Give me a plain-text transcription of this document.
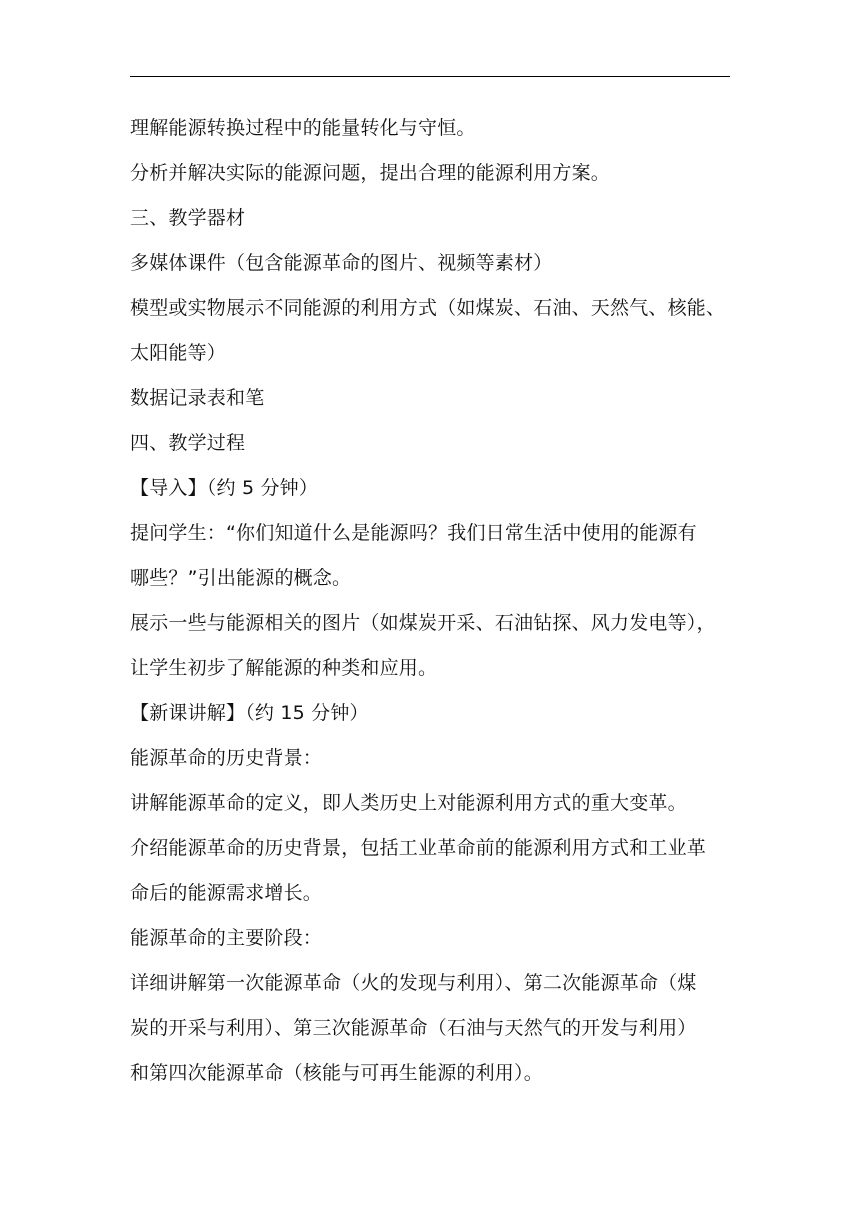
理解能源转换过程中的能量转化与守恒。
分析并解决实际的能源问题，提出合理的能源利用方案。
三、教学器材
多媒体课件（包含能源革命的图片、视频等素材）
模型或实物展示不同能源的利用方式（如煤炭、石油、天然气、核能、
太阳能等）
数据记录表和笔
四、教学过程
【导入】（约 5 分钟）
提问学生：“你们知道什么是能源吗？我们日常生活中使用的能源有
哪些？”引出能源的概念。
展示一些与能源相关的图片（如煤炭开采、石油钻探、风力发电等），
让学生初步了解能源的种类和应用。
【新课讲解】（约 15 分钟）
能源革命的历史背景：
讲解能源革命的定义，即人类历史上对能源利用方式的重大变革。
介绍能源革命的历史背景，包括工业革命前的能源利用方式和工业革
命后的能源需求增长。
能源革命的主要阶段：
详细讲解第一次能源革命（火的发现与利用）、第二次能源革命（煤
炭的开采与利用）、第三次能源革命（石油与天然气的开发与利用）
和第四次能源革命（核能与可再生能源的利用）。
